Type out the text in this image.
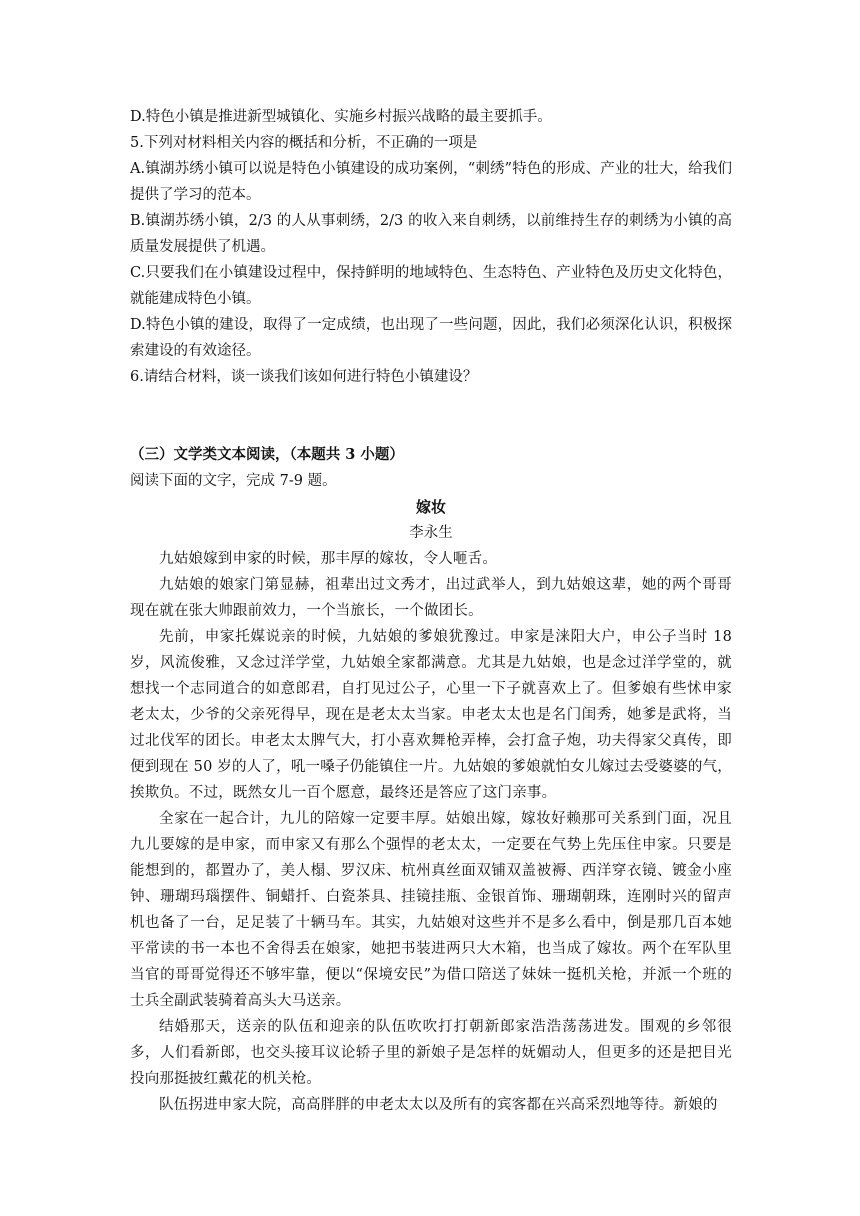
D.特色小镇是推进新型城镇化、实施乡村振兴战略的最主要抓手。

5.下列对材料相关内容的概括和分析，不正确的一项是

A.镇湖苏绣小镇可以说是特色小镇建设的成功案例，“刺绣”特色的形成、产业的壮大，给我们提供了学习的范本。

B.镇湖苏绣小镇，2/3 的人从事刺绣，2/3 的收入来自刺绣，以前维持生存的刺绣为小镇的高质量发展提供了机遇。

C.只要我们在小镇建设过程中，保持鲜明的地域特色、生态特色、产业特色及历史文化特色，就能建成特色小镇。

D.特色小镇的建设，取得了一定成绩，也出现了一些问题，因此，我们必须深化认识，积极探索建设的有效途径。

6.请结合材料，谈一谈我们该如何进行特色小镇建设？

（三）文学类文本阅读，（本题共 3 小题）

阅读下面的文字，完成 7-9 题。

嫁妆

李永生

九姑娘嫁到申家的时候，那丰厚的嫁妆，令人咂舌。

九姑娘的娘家门第显赫，祖辈出过文秀才，出过武举人，到九姑娘这辈，她的两个哥哥现在就在张大帅跟前效力，一个当旅长，一个做团长。

先前，申家托媒说亲的时候，九姑娘的爹娘犹豫过。申家是涞阳大户，申公子当时 18 岁，风流俊雅，又念过洋学堂，九姑娘全家都满意。尤其是九姑娘，也是念过洋学堂的，就想找一个志同道合的如意郎君，自打见过公子，心里一下子就喜欢上了。但爹娘有些怵申家老太太，少爷的父亲死得早，现在是老太太当家。申老太太也是名门闺秀，她爹是武将，当过北伐军的团长。申老太太脾气大，打小喜欢舞枪弄棒，会打盒子炮，功夫得家父真传，即便到现在 50 岁的人了，吼一嗓子仍能镇住一片。九姑娘的爹娘就怕女儿嫁过去受婆婆的气，挨欺负。不过，既然女儿一百个愿意，最终还是答应了这门亲事。

全家在一起合计，九儿的陪嫁一定要丰厚。姑娘出嫁，嫁妆好赖那可关系到门面，况且九儿要嫁的是申家，而申家又有那么个强悍的老太太，一定要在气势上先压住申家。只要是能想到的，都置办了，美人榻、罗汉床、杭州真丝面双铺双盖被褥、西洋穿衣镜、镀金小座钟、珊瑚玛瑙摆件、铜蜡扦、白瓷茶具、挂镜挂瓶、金银首饰、珊瑚朝珠，连刚时兴的留声机也备了一台，足足装了十辆马车。其实，九姑娘对这些并不是多么看中，倒是那几百本她平常读的书一本也不舍得丢在娘家，她把书装进两只大木箱，也当成了嫁妆。两个在军队里当官的哥哥觉得还不够牢靠，便以“保境安民”为借口陪送了妹妹一挺机关枪，并派一个班的士兵全副武装骑着高头大马送亲。

结婚那天，送亲的队伍和迎亲的队伍吹吹打打朝新郎家浩浩荡荡进发。围观的乡邻很多，人们看新郎，也交头接耳议论轿子里的新娘子是怎样的妩媚动人，但更多的还是把目光投向那挺披红戴花的机关枪。

队伍拐进申家大院，高高胖胖的申老太太以及所有的宾客都在兴高采烈地等待。新娘的
